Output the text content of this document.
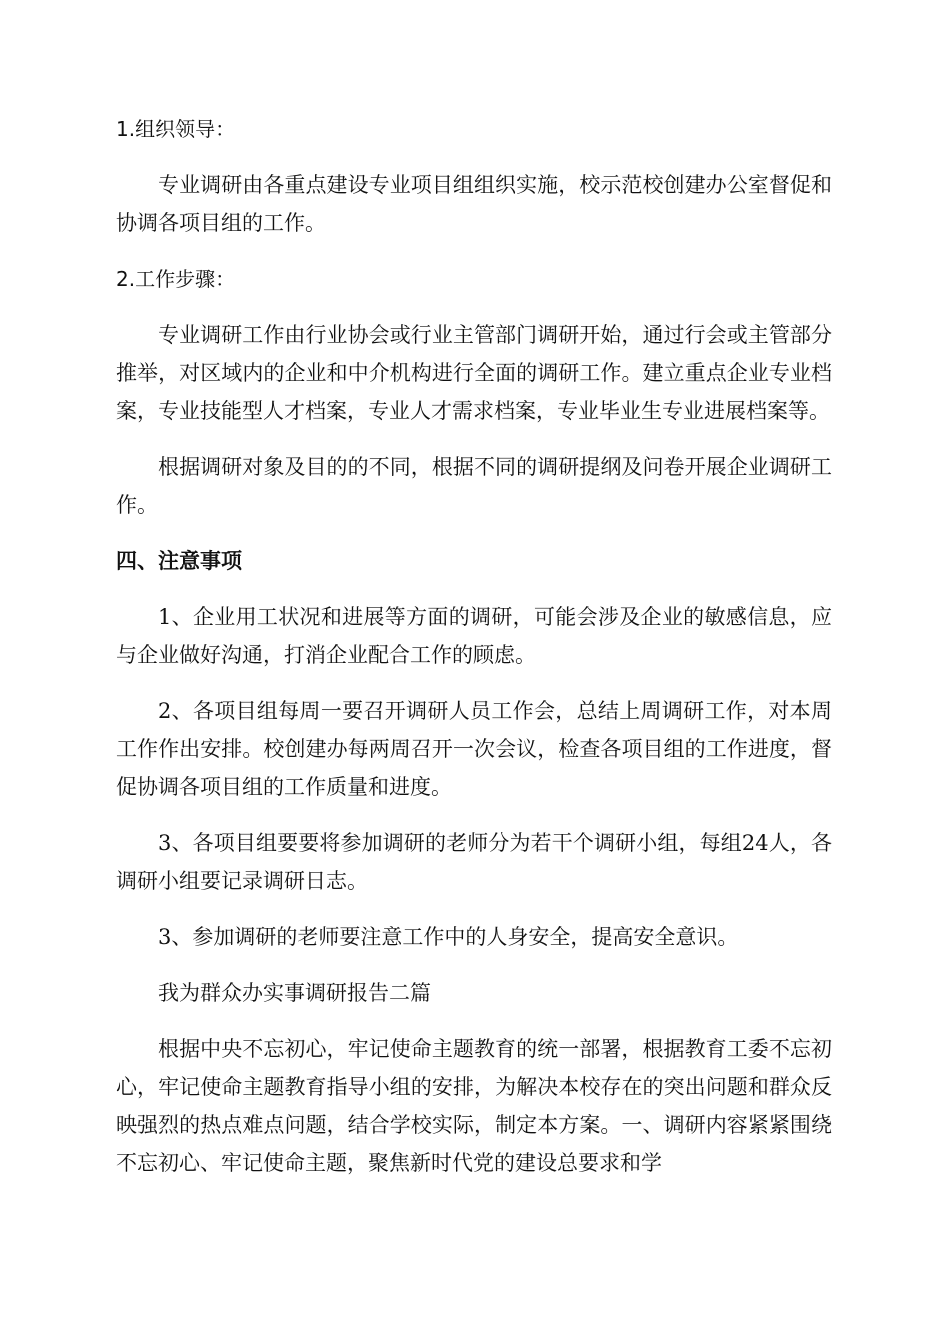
1.组织领导：

专业调研由各重点建设专业项目组组织实施，校示范校创建办公室督促和协调各项目组的工作。

2.工作步骤：

专业调研工作由行业协会或行业主管部门调研开始，通过行会或主管部分推举，对区域内的企业和中介机构进行全面的调研工作。建立重点企业专业档案，专业技能型人才档案，专业人才需求档案，专业毕业生专业进展档案等。

根据调研对象及目的的不同，根据不同的调研提纲及问卷开展企业调研工作。

四、注意事项

1、企业用工状况和进展等方面的调研，可能会涉及企业的敏感信息，应与企业做好沟通，打消企业配合工作的顾虑。

2、各项目组每周一要召开调研人员工作会，总结上周调研工作，对本周工作作出安排。校创建办每两周召开一次会议，检查各项目组的工作进度，督促协调各项目组的工作质量和进度。

3、各项目组要要将参加调研的老师分为若干个调研小组，每组24人，各调研小组要记录调研日志。

3、参加调研的老师要注意工作中的人身安全，提高安全意识。

我为群众办实事调研报告二篇

根据中央不忘初心，牢记使命主题教育的统一部署，根据教育工委不忘初心，牢记使命主题教育指导小组的安排，为解决本校存在的突出问题和群众反映强烈的热点难点问题，结合学校实际，制定本方案。一、调研内容紧紧围绕不忘初心、牢记使命主题，聚焦新时代党的建设总要求和学
